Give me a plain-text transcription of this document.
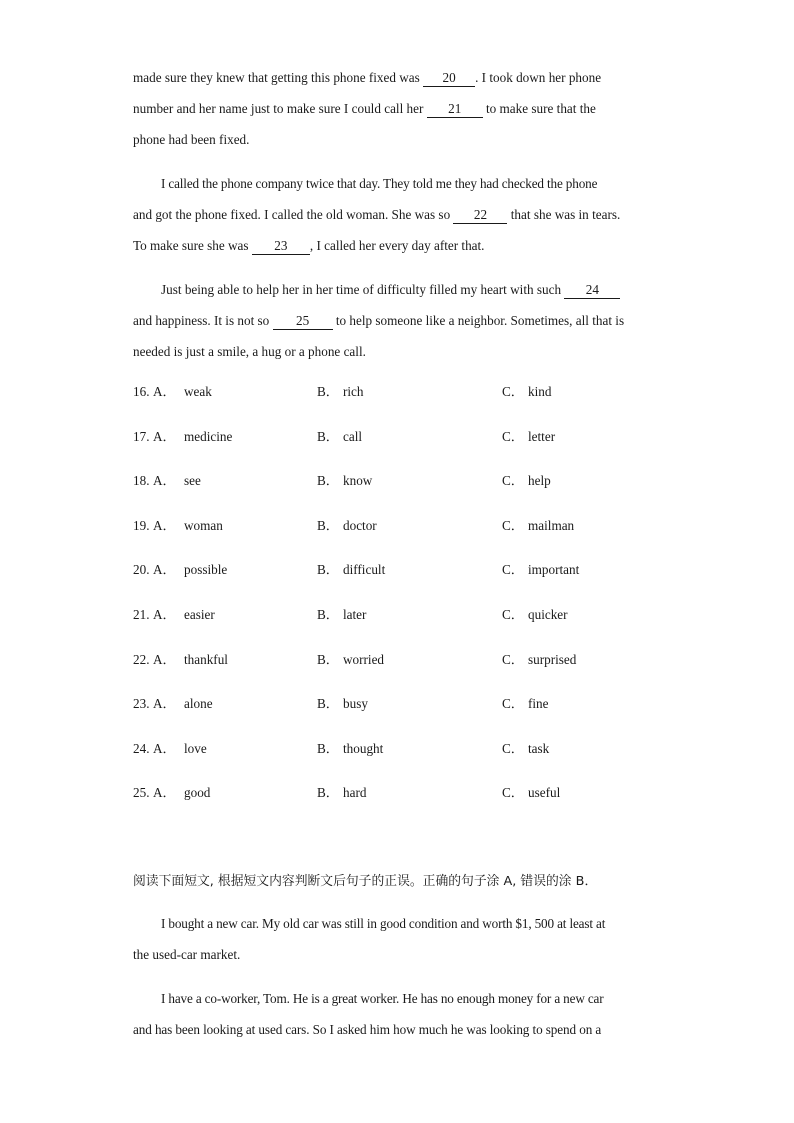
made sure they knew that getting this phone fixed was 20 . I took down her phone

number and her name just to make sure I could call her 21 to make sure that the

phone had been fixed.

I called the phone company twice that day. They told me they had checked the phone

and got the phone fixed. I called the old woman. She was so 22 that she was in tears.

To make sure she was 23 , I called her every day after that.

Just being able to help her in her time of difficulty filled my heart with such 24

and happiness. It is not so 25 to help someone like a neighbor. Sometimes, all that is

needed is just a smile, a hug or a phone call.

16. A． weak	B． rich	C． kind
17. A． medicine	B． call	C． letter
18. A． see	B． know	C． help
19. A． woman	B． doctor	C． mailman
20. A． possible	B． difficult	C． important
21. A． easier	B． later	C． quicker
22. A． thankful	B． worried	C． surprised
23. A． alone	B． busy	C． fine
24. A． love	B． thought	C． task
25. A． good	B． hard	C． useful
阅读下面短文, 根据短文内容判断文后句子的正误。正确的句子涂 A, 错误的涂 B．

I bought a new car. My old car was still in good condition and worth $1, 500 at least at

the used-car market.

I have a co-worker, Tom. He is a great worker. He has no enough money for a new car

and has been looking at used cars. So I asked him how much he was looking to spend on a
